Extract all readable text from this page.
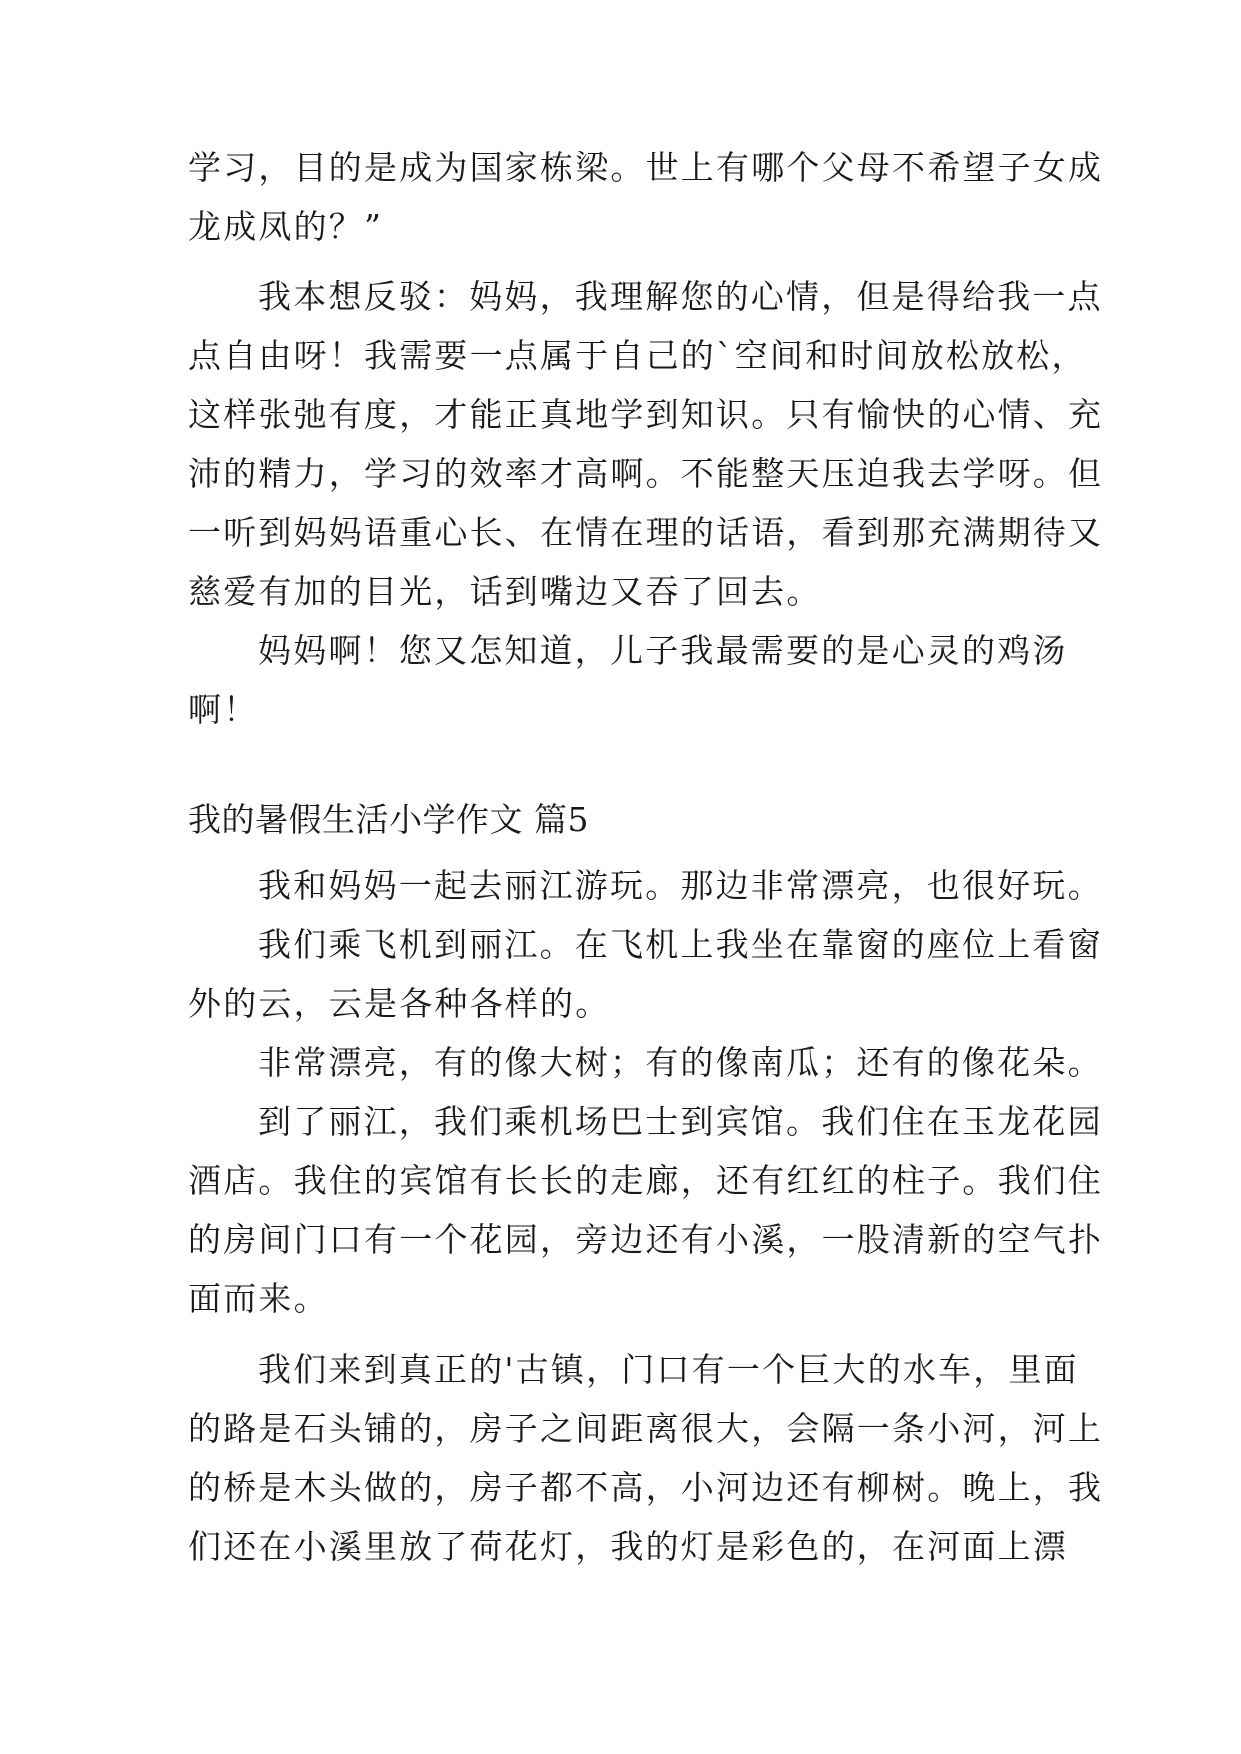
学习，目的是成为国家栋梁。世上有哪个父母不希望子女成
龙成凤的？”
我本想反驳：妈妈，我理解您的心情，但是得给我一点
点自由呀！我需要一点属于自己的`空间和时间放松放松，
这样张弛有度，才能正真地学到知识。只有愉快的心情、充
沛的精力，学习的效率才高啊。不能整天压迫我去学呀。但
一听到妈妈语重心长、在情在理的话语，看到那充满期待又
慈爱有加的目光，话到嘴边又吞了回去。
妈妈啊！您又怎知道，儿子我最需要的是心灵的鸡汤
啊！
我的暑假生活小学作文 篇5
我和妈妈一起去丽江游玩。那边非常漂亮，也很好玩。
我们乘飞机到丽江。在飞机上我坐在靠窗的座位上看窗
外的云，云是各种各样的。
非常漂亮，有的像大树；有的像南瓜；还有的像花朵。
到了丽江，我们乘机场巴士到宾馆。我们住在玉龙花园
酒店。我住的宾馆有长长的走廊，还有红红的柱子。我们住
的房间门口有一个花园，旁边还有小溪，一股清新的空气扑
面而来。
我们来到真正的'古镇，门口有一个巨大的水车，里面
的路是石头铺的，房子之间距离很大，会隔一条小河，河上
的桥是木头做的，房子都不高，小河边还有柳树。晚上，我
们还在小溪里放了荷花灯，我的灯是彩色的，在河面上漂
